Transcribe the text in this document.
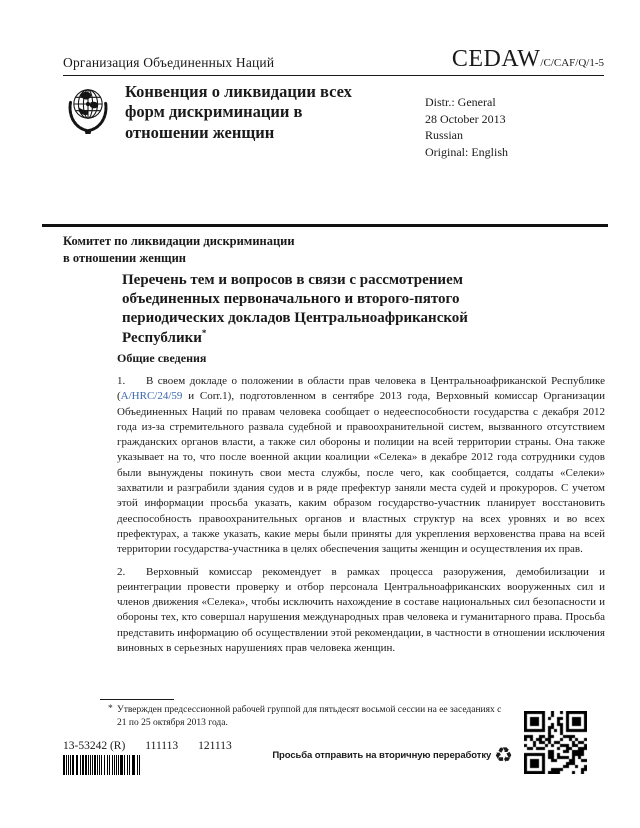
Организация Объединенных Наций	CEDAW/C/CAF/Q/1-5
Конвенция о ликвидации всех форм дискриминации в отношении женщин
Distr.: General
28 October 2013
Russian
Original: English
Комитет по ликвидации дискриминации
в отношении женщин
Перечень тем и вопросов в связи с рассмотрением объединенных первоначального и второго-пятого периодических докладов Центральноафриканской Республики*
Общие сведения

1. В своем докладе о положении в области прав человека в Центральноафриканской Республике (A/HRC/24/59 и Corr.1), подготовленном в сентябре 2013 года, Верховный комиссар Организации Объединенных Наций по правам человека сообщает о недееспособности государства с декабря 2012 года из-за стремительного развала судебной и правоохранительной систем, вызванного отсутствием гражданских органов власти, а также сил обороны и полиции на всей территории страны. Она также указывает на то, что после военной акции коалиции «Селека» в декабре 2012 года сотрудники судов были вынуждены покинуть свои места службы, после чего, как сообщается, солдаты «Селеки» захватили и разграбили здания судов и в ряде префектур заняли места судей и прокуроров. С учетом этой информации просьба указать, каким образом государство-участник планирует восстановить дееспособность правоохранительных органов и властных структур на всех уровнях и во всех префектурах, а также указать, какие меры были приняты для укрепления верховенства права на всей территории государства-участника в целях обеспечения защиты женщин и осуществления их прав.

2. Верховный комиссар рекомендует в рамках процесса разоружения, демобилизации и реинтеграции провести проверку и отбор персонала Центральноафриканских вооруженных сил и членов движения «Селека», чтобы исключить нахождение в составе национальных сил безопасности и обороны тех, кто совершал нарушения международных прав человека и гуманитарного права. Просьба представить информацию об осуществлении этой рекомендации, в частности в отношении исключения виновных в серьезных нарушениях прав человека женщин.

* Утвержден предсессионной рабочей группой для пятьдесят восьмой сессии на ее заседаниях с 21 по 25 октября 2013 года.
13-53242 (R) 111113 121113
Просьба отправить на вторичную переработку ♻
